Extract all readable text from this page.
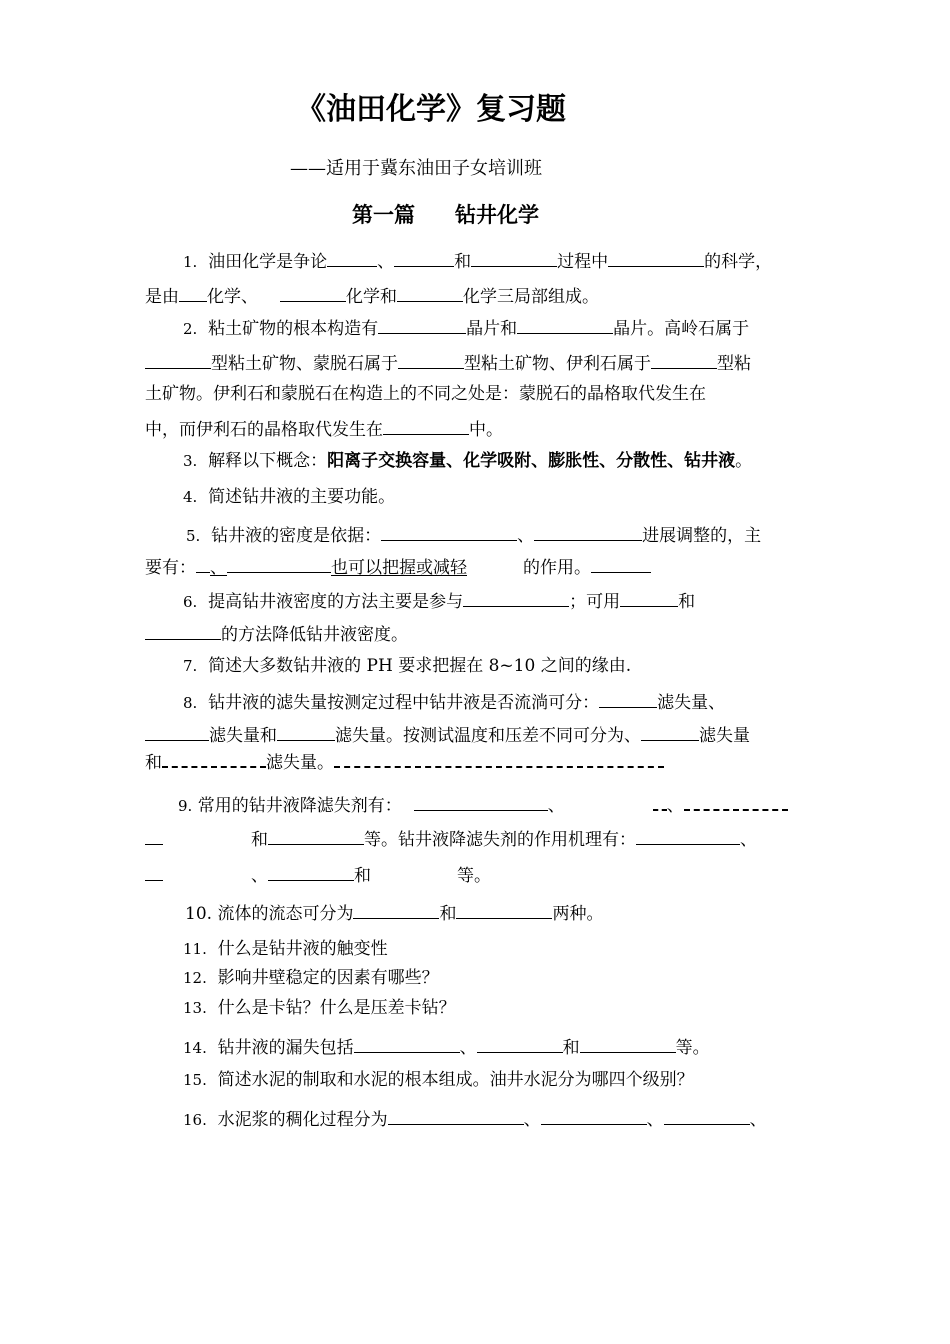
《油田化学》复习题
——适用于冀东油田子女培训班
第一篇 钻井化学
1. 油田化学是争论	、	和	过程中	的科学，
是由 化学、	化学和	化学三局部组成。
2. 粘土矿物的根本构造有	晶片和	晶片。高岭石属于
型粘土矿物、蒙脱石属于	型粘土矿物、伊利石属于	型粘
土矿物。伊利石和蒙脱石在构造上的不同之处是：蒙脱石的晶格取代发生在
中，而伊利石的晶格取代发生在	中。
3. 解释以下概念：阳离子交换容量、化学吸附、膨胀性、分散性、钻井液。
4. 简述钻井液的主要功能。
5. 钻井液的密度是依据：	、	进展调整的，主
要有： 、	也可以把握或减轻	的作用。
6. 提高钻井液密度的方法主要是参与	；可用	和
的方法降低钻井液密度。
7. 简述大多数钻井液的 PH 要求把握在 8~10 之间的缘由.
8. 钻井液的滤失量按测定过程中钻井液是否流淌可分：	滤失量、
滤失量和	滤失量。按测试温度和压差不同可分为、	滤失量
和	滤失量。
9. 常用的钻井液降滤失剂有：	、	、
和	等。钻井液降滤失剂的作用机理有：	、
、	和	等。
10. 流体的流态可分为	和	两种。
11. 什么是钻井液的触变性
12. 影响井壁稳定的因素有哪些？
13. 什么是卡钻？什么是压差卡钻？
14. 钻井液的漏失包括	、	和	等。
15. 简述水泥的制取和水泥的根本组成。油井水泥分为哪四个级别？
16. 水泥浆的稠化过程分为	、	、	、
